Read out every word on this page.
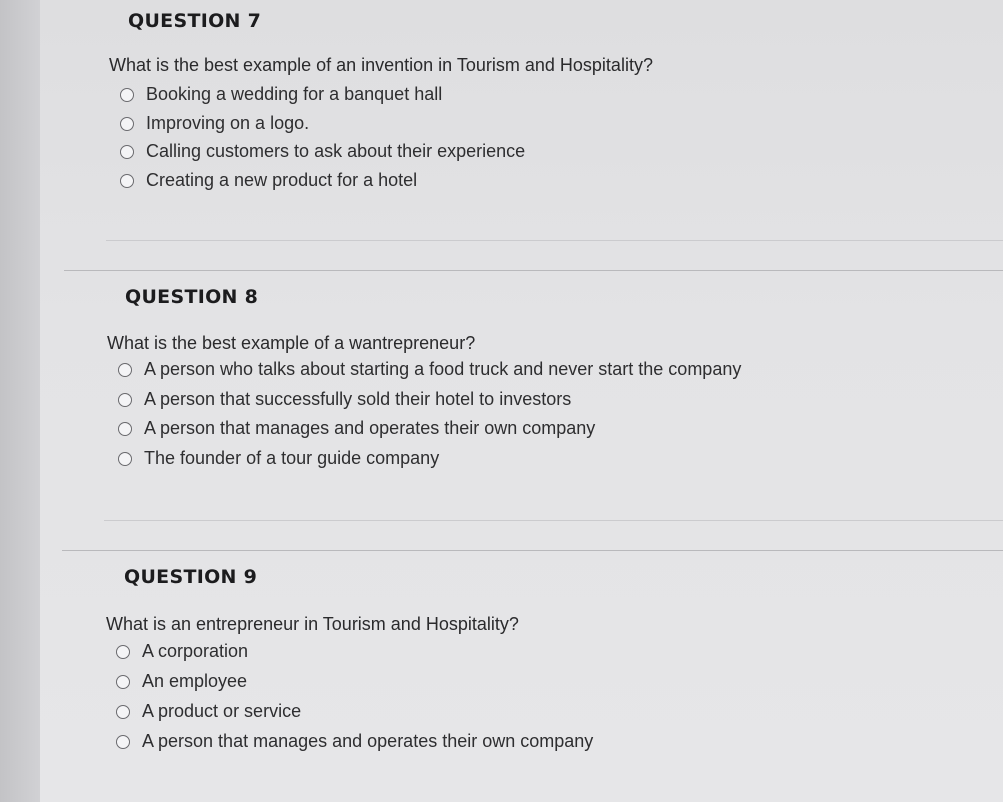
QUESTION 7
What is the best example of an invention in Tourism and Hospitality?
Booking a wedding for a banquet hall
Improving on a logo.
Calling customers to ask about their experience
Creating a new product for a hotel
QUESTION 8
What is the best example of a wantrepreneur?
A person who talks about starting a food truck and never start the company
A person that successfully sold their hotel to investors
A person that manages and operates their own company
The founder of a tour guide company
QUESTION 9
What is an entrepreneur in Tourism and Hospitality?
A corporation
An employee
A product or service
A person that manages and operates their own company
